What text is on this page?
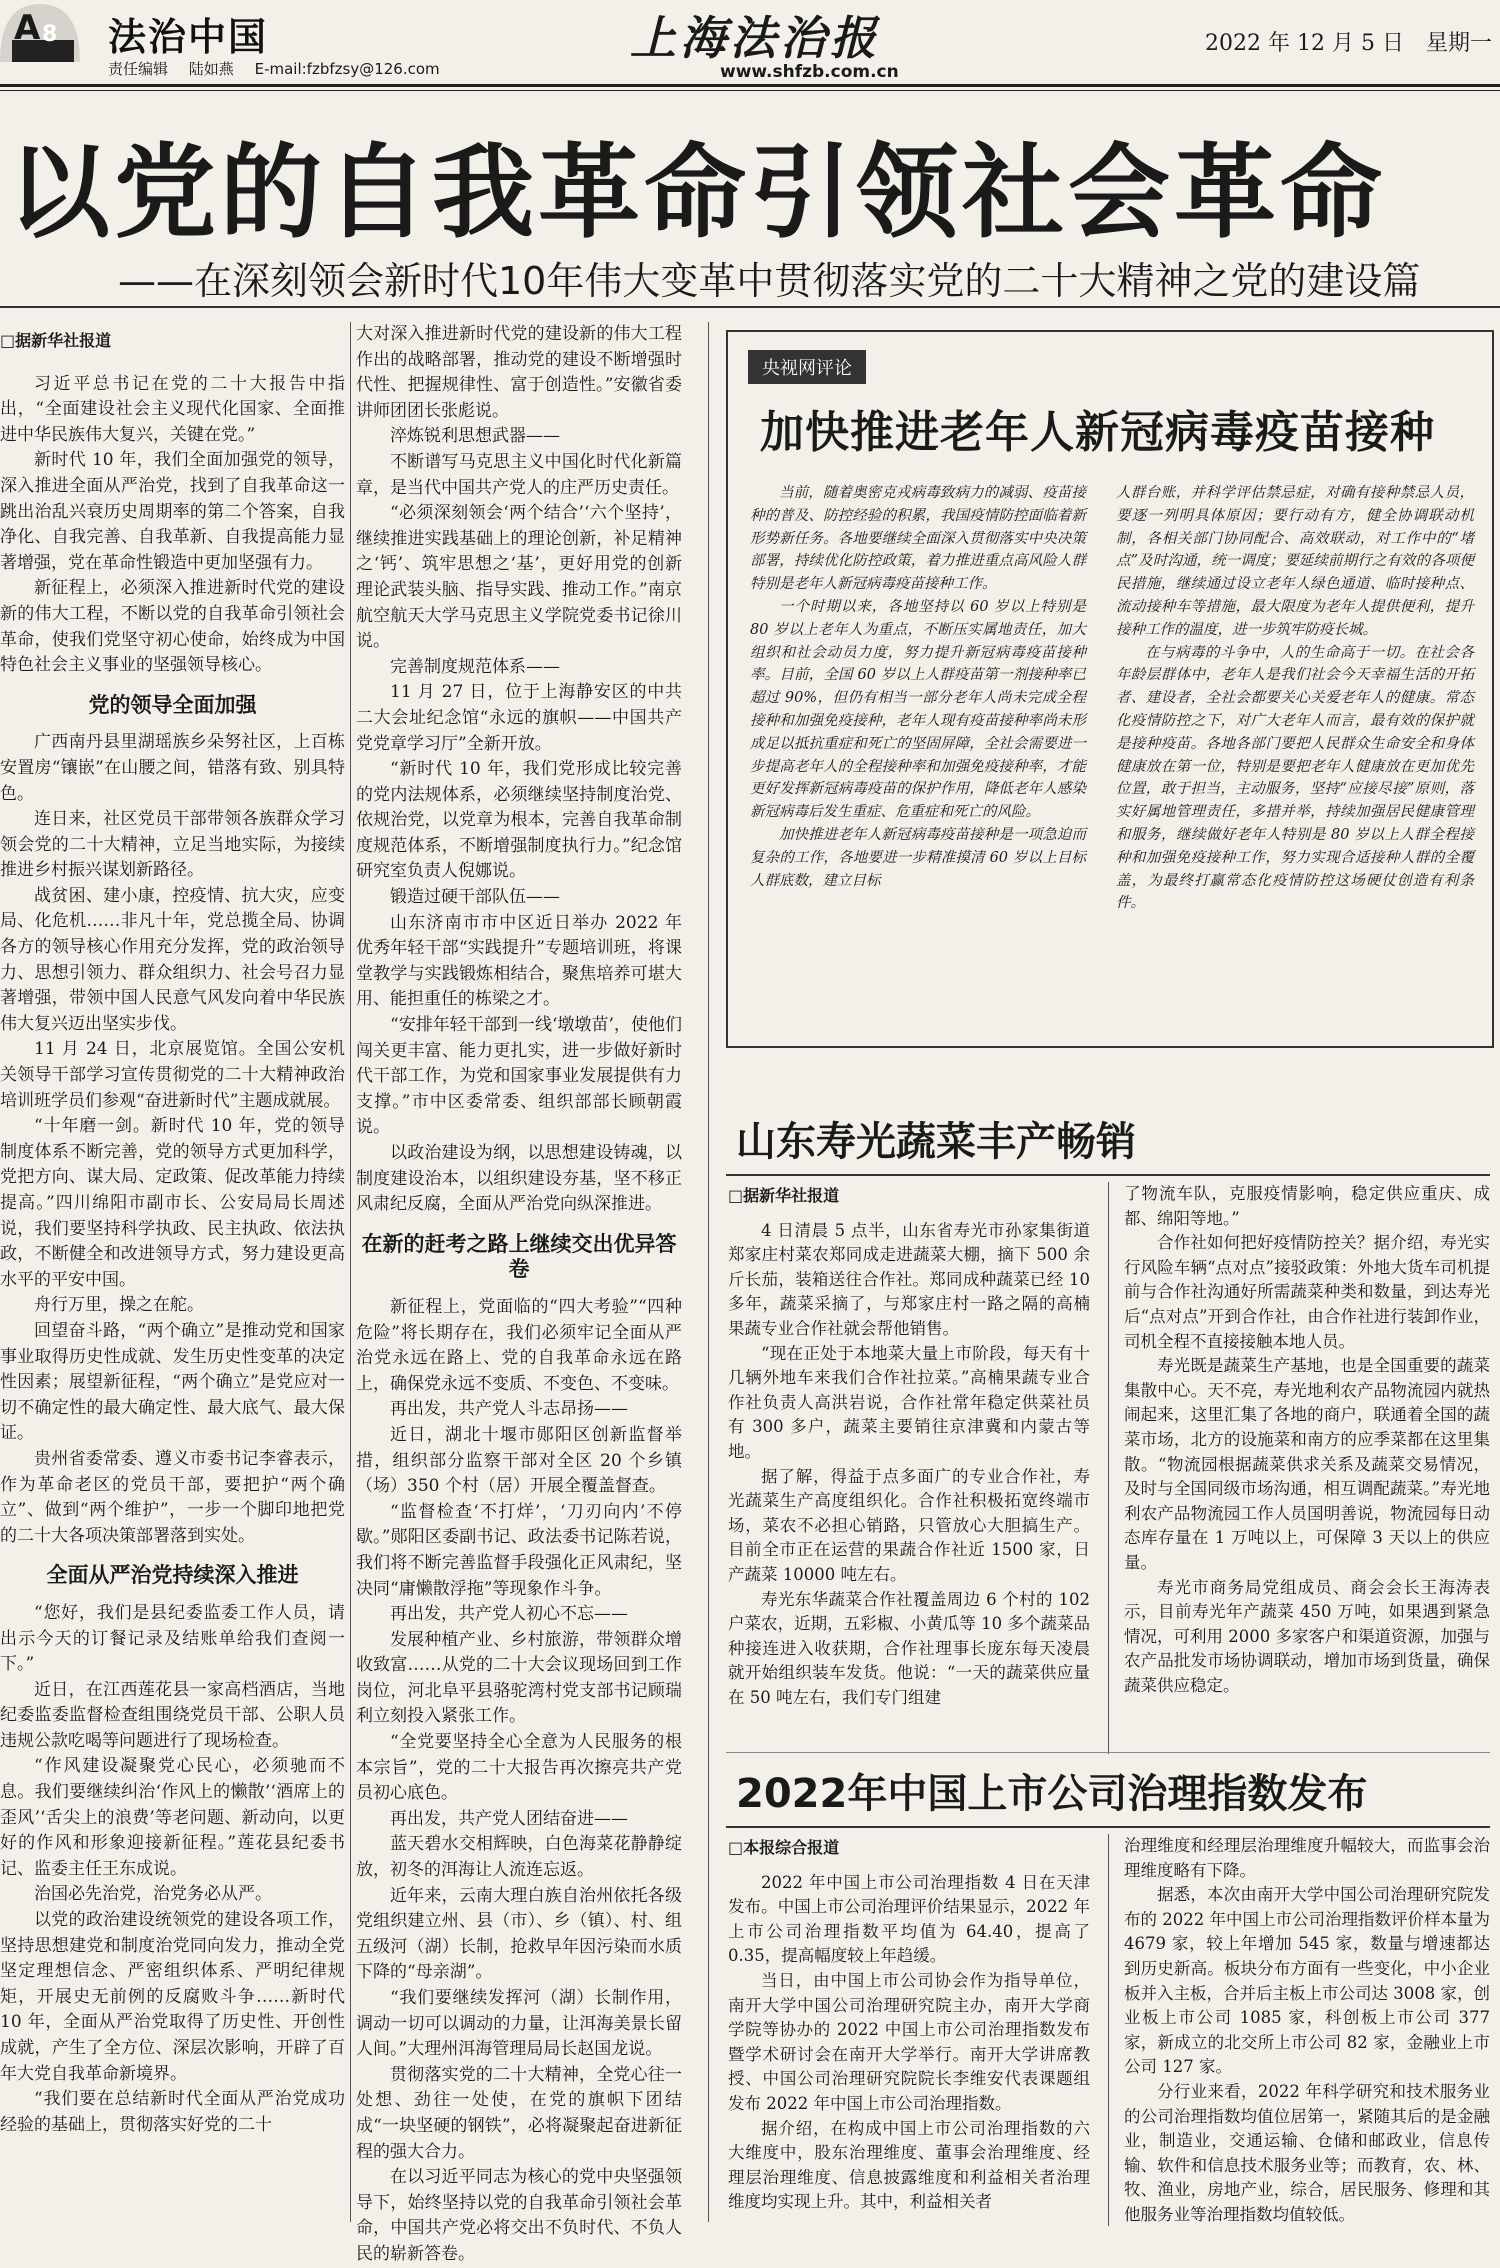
A 8 法治中国
责任编辑 陆如燕 E-mail:fzbfzsy@126.com
上海法治报
www.shfzb.com.cn
2022 年 12 月 5 日　星期一
以党的自我革命引领社会革命
——在深刻领会新时代10年伟大变革中贯彻落实党的二十大精神之党的建设篇
□据新华社报道

习近平总书记在党的二十大报告中指出，“全面建设社会主义现代化国家、全面推进中华民族伟大复兴，关键在党。”

新时代 10 年，我们全面加强党的领导，深入推进全面从严治党，找到了自我革命这一跳出治乱兴衰历史周期率的第二个答案，自我净化、自我完善、自我革新、自我提高能力显著增强，党在革命性锻造中更加坚强有力。

新征程上，必须深入推进新时代党的建设新的伟大工程，不断以党的自我革命引领社会革命，使我们党坚守初心使命，始终成为中国特色社会主义事业的坚强领导核心。

党的领导全面加强

广西南丹县里湖瑶族乡朵努社区，上百栋安置房“镶嵌”在山腰之间，错落有致、别具特色。

连日来，社区党员干部带领各族群众学习领会党的二十大精神，立足当地实际，为接续推进乡村振兴谋划新路径。

战贫困、建小康，控疫情、抗大灾，应变局、化危机……非凡十年，党总揽全局、协调各方的领导核心作用充分发挥，党的政治领导力、思想引领力、群众组织力、社会号召力显著增强，带领中国人民意气风发向着中华民族伟大复兴迈出坚实步伐。

11 月 24 日，北京展览馆。全国公安机关领导干部学习宣传贯彻党的二十大精神政治培训班学员们参观“奋进新时代”主题成就展。

“十年磨一剑。新时代 10 年，党的领导制度体系不断完善，党的领导方式更加科学，党把方向、谋大局、定政策、促改革能力持续提高。”四川绵阳市副市长、公安局局长周述说，我们要坚持科学执政、民主执政、依法执政，不断健全和改进领导方式，努力建设更高水平的平安中国。

舟行万里，操之在舵。

回望奋斗路，“两个确立”是推动党和国家事业取得历史性成就、发生历史性变革的决定性因素；展望新征程，“两个确立”是党应对一切不确定性的最大确定性、最大底气、最大保证。

贵州省委常委、遵义市委书记李睿表示，作为革命老区的党员干部，要把护“两个确立”、做到“两个维护”，一步一个脚印地把党的二十大各项决策部署落到实处。

全面从严治党持续深入推进

“您好，我们是县纪委监委工作人员，请出示今天的订餐记录及结账单给我们查阅一下。”

近日，在江西莲花县一家高档酒店，当地纪委监委监督检查组围绕党员干部、公职人员违规公款吃喝等问题进行了现场检查。

“作风建设凝聚党心民心，必须驰而不息。我们要继续纠治‘作风上的懒散’‘酒席上的歪风’‘舌尖上的浪费’等老问题、新动向，以更好的作风和形象迎接新征程。”莲花县纪委书记、监委主任王东成说。

治国必先治党，治党务必从严。

以党的政治建设统领党的建设各项工作，坚持思想建党和制度治党同向发力，推动全党坚定理想信念、严密组织体系、严明纪律规矩，开展史无前例的反腐败斗争……新时代 10 年，全面从严治党取得了历史性、开创性成就，产生了全方位、深层次影响，开辟了百年大党自我革命新境界。

“我们要在总结新时代全面从严治党成功经验的基础上，贯彻落实好党的二十

大对深入推进新时代党的建设新的伟大工程作出的战略部署，推动党的建设不断增强时代性、把握规律性、富于创造性。”安徽省委讲师团团长张彪说。

淬炼锐利思想武器——

不断谱写马克思主义中国化时代化新篇章，是当代中国共产党人的庄严历史责任。

“必须深刻领会‘两个结合’‘六个坚持’，继续推进实践基础上的理论创新，补足精神之‘钙’、筑牢思想之‘基’，更好用党的创新理论武装头脑、指导实践、推动工作。”南京航空航天大学马克思主义学院党委书记徐川说。

完善制度规范体系——

11 月 27 日，位于上海静安区的中共二大会址纪念馆“永远的旗帜——中国共产党党章学习厅”全新开放。

“新时代 10 年，我们党形成比较完善的党内法规体系，必须继续坚持制度治党、依规治党，以党章为根本，完善自我革命制度规范体系，不断增强制度执行力。”纪念馆研究室负责人倪娜说。

锻造过硬干部队伍——

山东济南市市中区近日举办 2022 年优秀年轻干部“实践提升”专题培训班，将课堂教学与实践锻炼相结合，聚焦培养可堪大用、能担重任的栋梁之才。

“安排年轻干部到一线‘墩墩苗’，使他们闯关更丰富、能力更扎实，进一步做好新时代干部工作，为党和国家事业发展提供有力支撑。”市中区委常委、组织部部长顾朝霞说。

以政治建设为纲，以思想建设铸魂，以制度建设治本，以组织建设夯基，坚不移正风肃纪反腐，全面从严治党向纵深推进。

在新的赶考之路上继续交出优异答卷

新征程上，党面临的“四大考验”“四种危险”将长期存在，我们必须牢记全面从严治党永远在路上、党的自我革命永远在路上，确保党永远不变质、不变色、不变味。

再出发，共产党人斗志昂扬——

近日，湖北十堰市郧阳区创新监督举措，组织部分监察干部对全区 20 个乡镇（场）350 个村（居）开展全覆盖督查。

“监督检查‘不打烊’，‘刀刃向内’不停歇。”郧阳区委副书记、政法委书记陈若说，我们将不断完善监督手段强化正风肃纪，坚决同“庸懒散浮拖”等现象作斗争。

再出发，共产党人初心不忘——

发展种植产业、乡村旅游，带领群众增收致富……从党的二十大会议现场回到工作岗位，河北阜平县骆驼湾村党支部书记顾瑞利立刻投入紧张工作。

“全党要坚持全心全意为人民服务的根本宗旨”，党的二十大报告再次擦亮共产党员初心底色。

再出发，共产党人团结奋进——

蓝天碧水交相辉映，白色海菜花静静绽放，初冬的洱海让人流连忘返。

近年来，云南大理白族自治州依托各级党组织建立州、县（市）、乡（镇）、村、组五级河（湖）长制，抢救早年因污染而水质下降的“母亲湖”。

“我们要继续发挥河（湖）长制作用，调动一切可以调动的力量，让洱海美景长留人间。”大理州洱海管理局局长赵国龙说。

贯彻落实党的二十大精神，全党心往一处想、劲往一处使，在党的旗帜下团结成“一块坚硬的钢铁”，必将凝聚起奋进新征程的强大合力。

在以习近平同志为核心的党中央坚强领导下，始终坚持以党的自我革命引领社会革命，中国共产党必将交出不负时代、不负人民的崭新答卷。

央视网评论
加快推进老年人新冠病毒疫苗接种

当前，随着奥密克戎病毒致病力的减弱、疫苗接种的普及、防控经验的积累，我国疫情防控面临着新形势新任务。各地要继续全面深入贯彻落实中央决策部署，持续优化防控政策，着力推进重点高风险人群特别是老年人新冠病毒疫苗接种工作。

一个时期以来，各地坚持以 60 岁以上特别是 80 岁以上老年人为重点，不断压实属地责任，加大组织和社会动员力度，努力提升新冠病毒疫苗接种率。目前，全国 60 岁以上人群疫苗第一剂接种率已超过 90%，但仍有相当一部分老年人尚未完成全程接种和加强免疫接种，老年人现有疫苗接种率尚未形成足以抵抗重症和死亡的坚固屏障，全社会需要进一步提高老年人的全程接种率和加强免疫接种率，才能更好发挥新冠病毒疫苗的保护作用，降低老年人感染新冠病毒后发生重症、危重症和死亡的风险。

加快推进老年人新冠病毒疫苗接种是一项急迫而复杂的工作，各地要进一步精准摸清 60 岁以上目标人群底数，建立目标

人群台账，并科学评估禁忌症，对确有接种禁忌人员，要逐一列明具体原因；要行动有方，健全协调联动机制，各相关部门协同配合、高效联动，对工作中的“堵点”及时沟通，统一调度；要延续前期行之有效的各项便民措施，继续通过设立老年人绿色通道、临时接种点、流动接种车等措施，最大限度为老年人提供便利，提升接种工作的温度，进一步筑牢防疫长城。

在与病毒的斗争中，人的生命高于一切。在社会各年龄层群体中，老年人是我们社会今天幸福生活的开拓者、建设者，全社会都要关心关爱老年人的健康。常态化疫情防控之下，对广大老年人而言，最有效的保护就是接种疫苗。各地各部门要把人民群众生命安全和身体健康放在第一位，特别是要把老年人健康放在更加优先位置，敢于担当，主动服务，坚持“应接尽接”原则，落实好属地管理责任，多措并举，持续加强居民健康管理和服务，继续做好老年人特别是 80 岁以上人群全程接种和加强免疫接种工作，努力实现合适接种人群的全覆盖，为最终打赢常态化疫情防控这场硬仗创造有利条件。

山东寿光蔬菜丰产畅销
□据新华社报道

4 日清晨 5 点半，山东省寿光市孙家集街道郑家庄村菜农郑同成走进蔬菜大棚，摘下 500 余斤长茄，装箱送往合作社。郑同成种蔬菜已经 10 多年，蔬菜采摘了，与郑家庄村一路之隔的高楠果蔬专业合作社就会帮他销售。

“现在正处于本地菜大量上市阶段，每天有十几辆外地车来我们合作社拉菜。”高楠果蔬专业合作社负责人高洪岩说，合作社常年稳定供菜社员有 300 多户，蔬菜主要销往京津冀和内蒙古等地。

据了解，得益于点多面广的专业合作社，寿光蔬菜生产高度组织化。合作社积极拓宽终端市场，菜农不必担心销路，只管放心大胆搞生产。目前全市正在运营的果蔬合作社近 1500 家，日产蔬菜 10000 吨左右。

寿光东华蔬菜合作社覆盖周边 6 个村的 102 户菜农，近期，五彩椒、小黄瓜等 10 多个蔬菜品种接连进入收获期，合作社理事长庞东每天凌晨就开始组织装车发货。他说：“一天的蔬菜供应量在 50 吨左右，我们专门组建

了物流车队，克服疫情影响，稳定供应重庆、成都、绵阳等地。”

合作社如何把好疫情防控关？据介绍，寿光实行风险车辆“点对点”接驳政策：外地大货车司机提前与合作社沟通好所需蔬菜种类和数量，到达寿光后“点对点”开到合作社，由合作社进行装卸作业，司机全程不直接接触本地人员。

寿光既是蔬菜生产基地，也是全国重要的蔬菜集散中心。天不亮，寿光地利农产品物流园内就热闹起来，这里汇集了各地的商户，联通着全国的蔬菜市场，北方的设施菜和南方的应季菜都在这里集散。“物流园根据蔬菜供求关系及蔬菜交易情况，及时与全国同级市场沟通，相互调配蔬菜。”寿光地利农产品物流园工作人员国明善说，物流园每日动态库存量在 1 万吨以上，可保障 3 天以上的供应量。

寿光市商务局党组成员、商会会长王海涛表示，目前寿光年产蔬菜 450 万吨，如果遇到紧急情况，可利用 2000 多家客户和渠道资源，加强与农产品批发市场协调联动，增加市场到货量，确保蔬菜供应稳定。

2022年中国上市公司治理指数发布
□本报综合报道

2022 年中国上市公司治理指数 4 日在天津发布。中国上市公司治理评价结果显示，2022 年上市公司治理指数平均值为 64.40，提高了 0.35，提高幅度较上年趋缓。

当日，由中国上市公司协会作为指导单位，南开大学中国公司治理研究院主办，南开大学商学院等协办的 2022 中国上市公司治理指数发布暨学术研讨会在南开大学举行。南开大学讲席教授、中国公司治理研究院院长李维安代表课题组发布 2022 年中国上市公司治理指数。

据介绍，在构成中国上市公司治理指数的六大维度中，股东治理维度、董事会治理维度、经理层治理维度、信息披露维度和利益相关者治理维度均实现上升。其中，利益相关者

治理维度和经理层治理维度升幅较大，而监事会治理维度略有下降。

据悉，本次由南开大学中国公司治理研究院发布的 2022 年中国上市公司治理指数评价样本量为 4679 家，较上年增加 545 家，数量与增速都达到历史新高。板块分布方面有一些变化，中小企业板并入主板，合并后主板上市公司达 3008 家，创业板上市公司 1085 家，科创板上市公司 377 家，新成立的北交所上市公司 82 家，金融业上市公司 127 家。

分行业来看，2022 年科学研究和技术服务业的公司治理指数均值位居第一，紧随其后的是金融业，制造业，交通运输、仓储和邮政业，信息传输、软件和信息技术服务业等；而教育，农、林、牧、渔业，房地产业，综合，居民服务、修理和其他服务业等治理指数均值较低。
